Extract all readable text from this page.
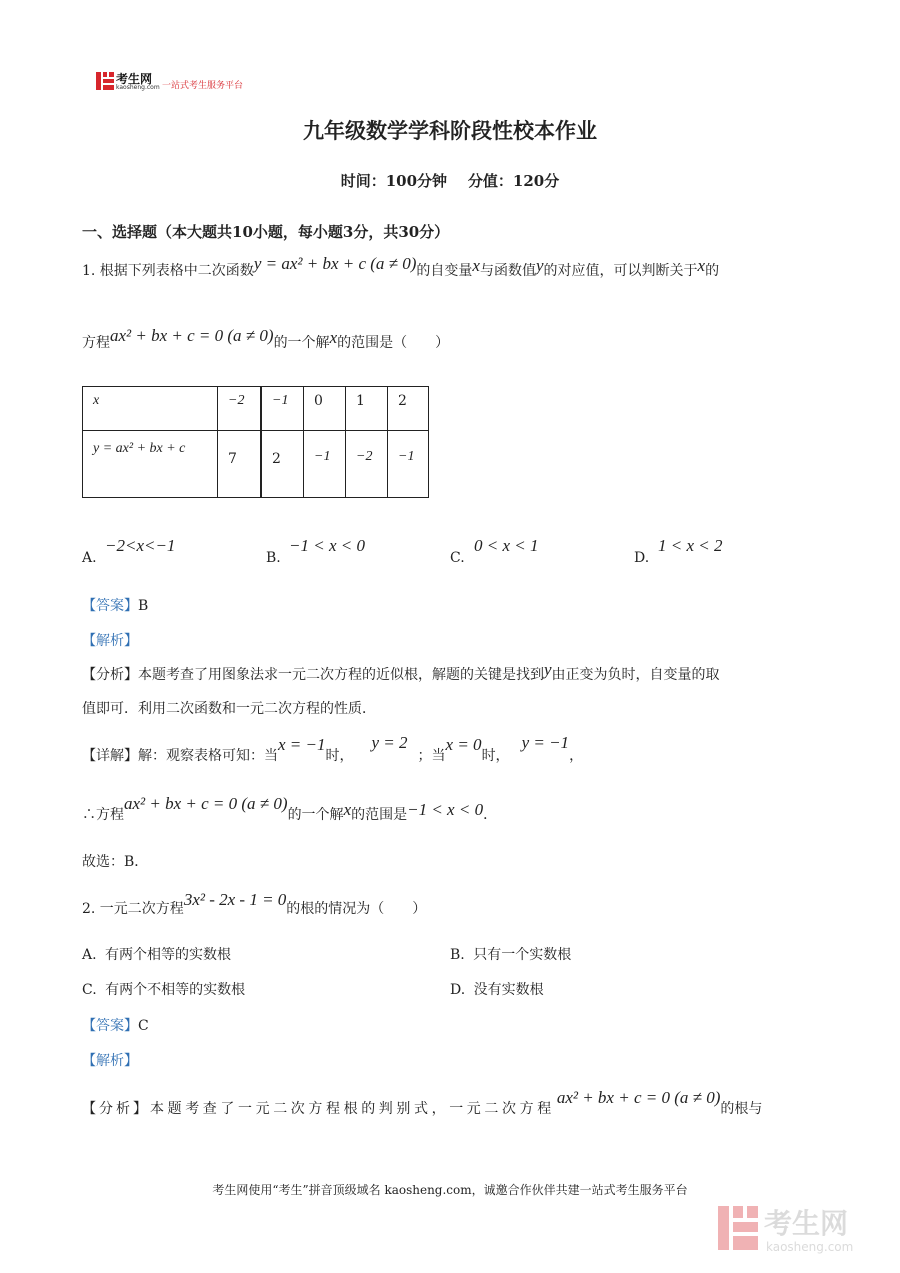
考生网
kaosheng.com 一站式考生服务平台
九年级数学学科阶段性校本作业
时间：100分钟    分值：120分
一、选择题（本大题共10小题，每小题3分，共30分）
1. 根据下列表格中二次函数y = ax² + bx + c (a ≠ 0)的自变量x与函数值y的对应值，可以判断关于x的
方程ax² + bx + c = 0 (a ≠ 0)的一个解x的范围是（　　）
x	−2	−1	0	1	2
y = ax² + bx + c	7	2	−1	−2	−1
A.
−2<x<−1
B.
−1 < x < 0
C.
0 < x < 1
D.
1 < x < 2
【答案】B
【解析】
【分析】本题考查了用图象法求一元二次方程的近似根，解题的关键是找到y由正变为负时，自变量的取
值即可．利用二次函数和一元二次方程的性质．
【详解】解：观察表格可知：当x = −1时，y = 2；当x = 0时，y = −1，
∴方程ax² + bx + c = 0 (a ≠ 0)的一个解x的范围是−1 < x < 0．
故选：B．
2. 一元二次方程3x² - 2x - 1 = 0的根的情况为（　　）
A. 有两个相等的实数根	B. 只有一个实数根
C. 有两个不相等的实数根	D. 没有实数根
【答案】C
【解析】
【分析】本题考查了一元二次方程根的判别式，一元二次方程ax² + bx + c = 0 (a ≠ 0)的根与
考生网使用“考生”拼音顶级域名 kaosheng.com，诚邀合作伙伴共建一站式考生服务平台
考生网
kaosheng.com
